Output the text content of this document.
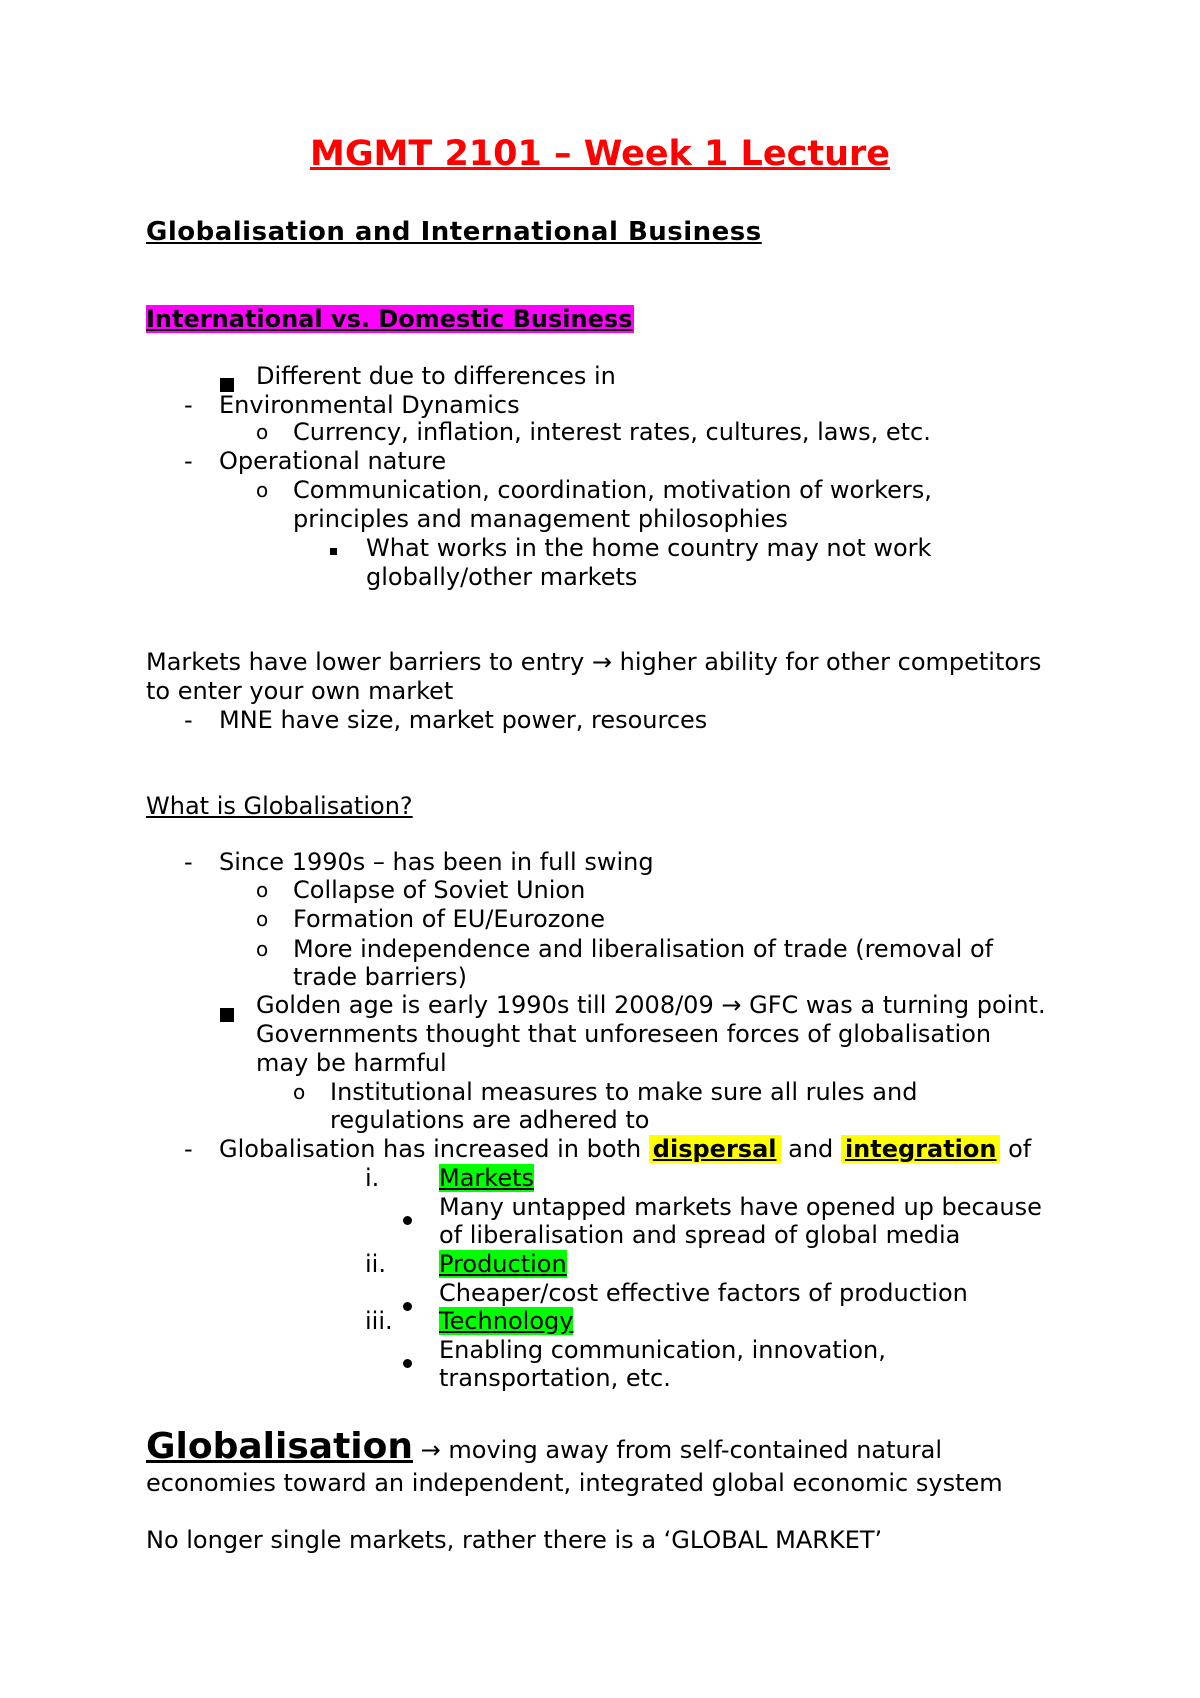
MGMT 2101 – Week 1 Lecture
Globalisation and International Business
International vs. Domestic Business
Different due to differences in
- Environmental Dynamics
o Currency, inflation, interest rates, cultures, laws, etc.
- Operational nature
o Communication, coordination, motivation of workers,
principles and management philosophies
What works in the home country may not work
globally/other markets
Markets have lower barriers to entry → higher ability for other competitors
to enter your own market
- MNE have size, market power, resources
What is Globalisation?
- Since 1990s – has been in full swing
o Collapse of Soviet Union
o Formation of EU/Eurozone
o More independence and liberalisation of trade (removal of
trade barriers)
Golden age is early 1990s till 2008/09 → GFC was a turning point.
Governments thought that unforeseen forces of globalisation
may be harmful
o Institutional measures to make sure all rules and
regulations are adhered to
- Globalisation has increased in both dispersal and integration of
i. Markets
Many untapped markets have opened up because
of liberalisation and spread of global media
ii. Production
Cheaper/cost effective factors of production
iii. Technology
Enabling communication, innovation,
transportation, etc.
Globalisation → moving away from self-contained natural
economies toward an independent, integrated global economic system
No longer single markets, rather there is a ‘GLOBAL MARKET’
